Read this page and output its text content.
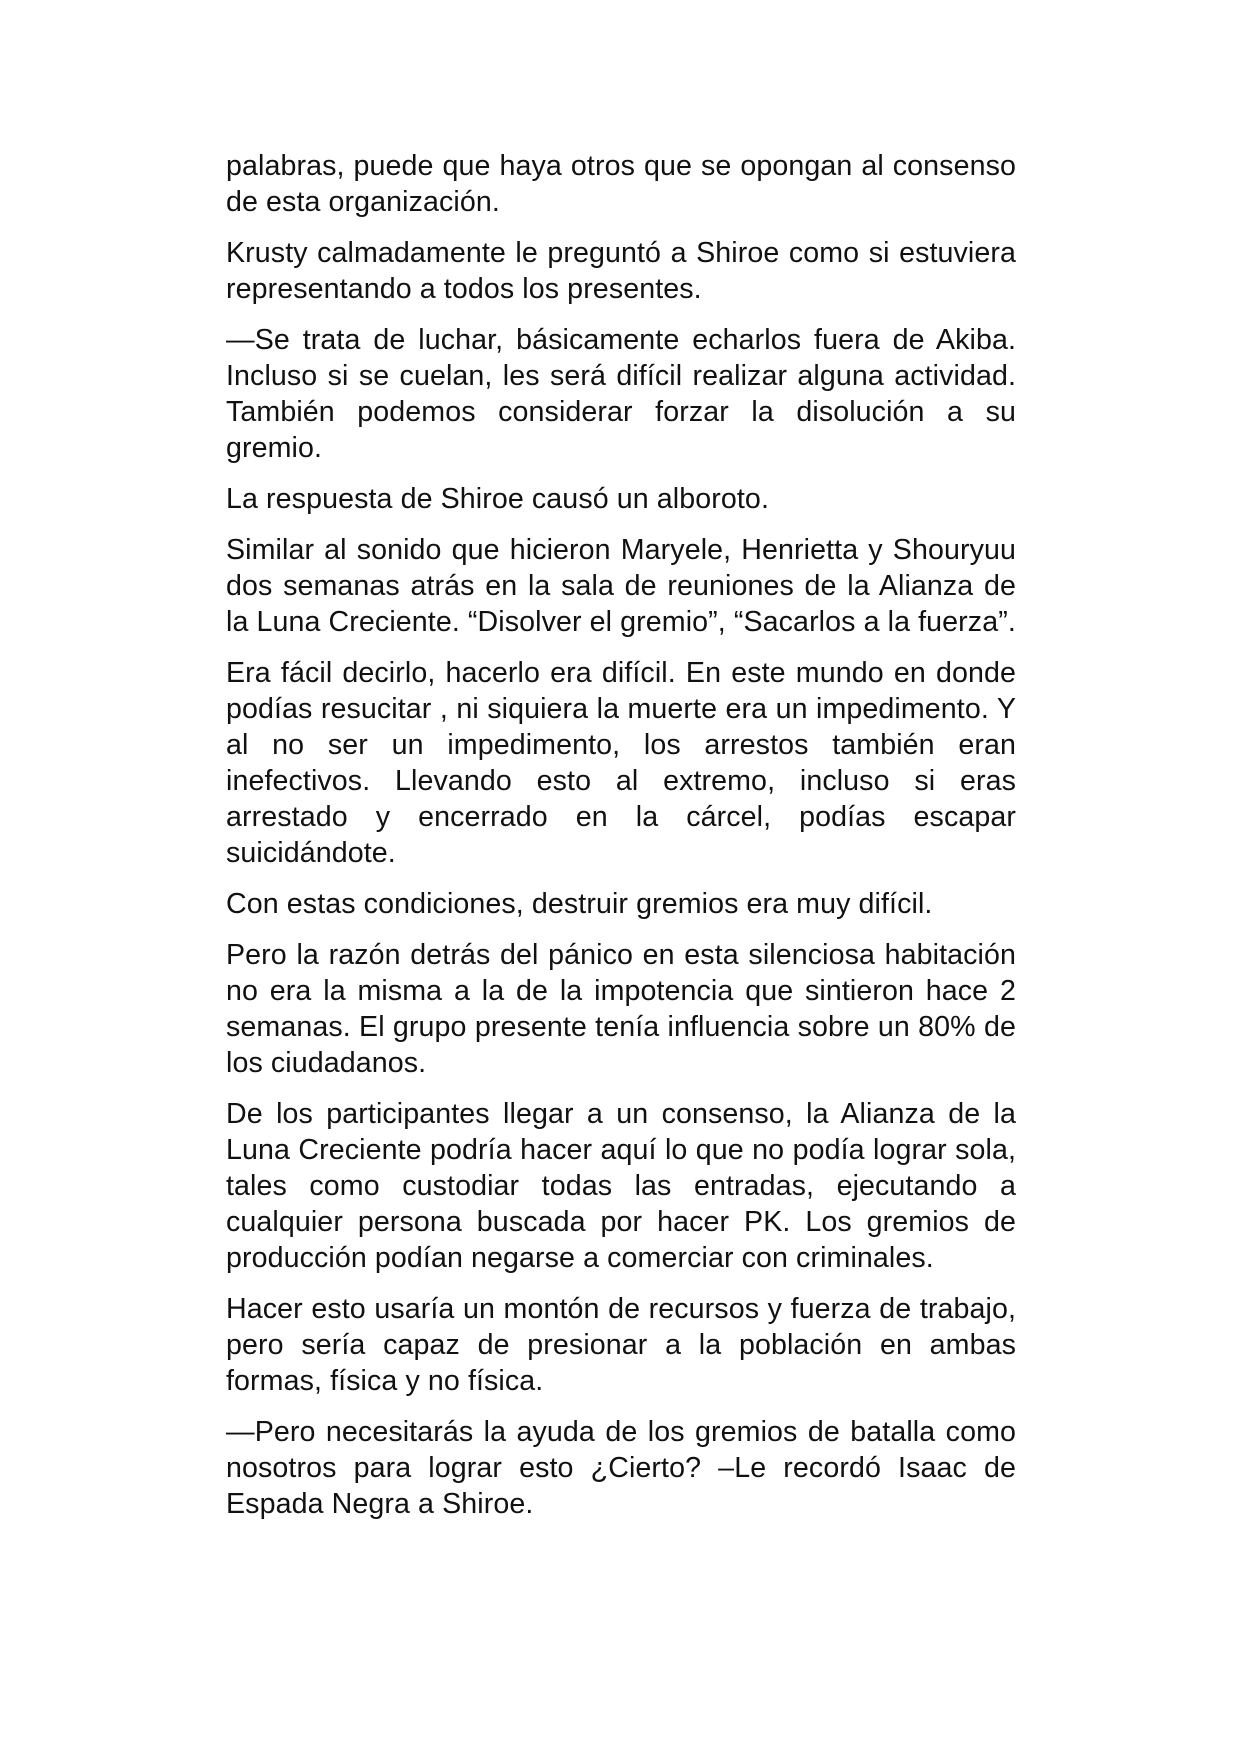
palabras, puede que haya otros que se opongan al consenso de esta organización.

Krusty calmadamente le preguntó a Shiroe como si estuviera representando a todos los presentes.

—Se trata de luchar, básicamente echarlos fuera de Akiba. Incluso si se cuelan, les será difícil realizar alguna actividad. También podemos considerar forzar la disolución a su gremio.

La respuesta de Shiroe causó un alboroto.

Similar al sonido que hicieron Maryele, Henrietta y Shouryuu dos semanas atrás en la sala de reuniones de la Alianza de la Luna Creciente. “Disolver el gremio”, “Sacarlos a la fuerza”.

Era fácil decirlo, hacerlo era difícil. En este mundo en donde podías resucitar , ni siquiera la muerte era un impedimento. Y al no ser un impedimento, los arrestos también eran inefectivos. Llevando esto al extremo, incluso si eras arrestado y encerrado en la cárcel, podías escapar suicidándote.

Con estas condiciones, destruir gremios era muy difícil.

Pero la razón detrás del pánico en esta silenciosa habitación no era la misma a la de la impotencia que sintieron hace 2 semanas. El grupo presente tenía influencia sobre un 80% de los ciudadanos.

De los participantes llegar a un consenso, la Alianza de la Luna Creciente podría hacer aquí lo que no podía lograr sola, tales como custodiar todas las entradas, ejecutando a cualquier persona buscada por hacer PK. Los gremios de producción podían negarse a comerciar con criminales.

Hacer esto usaría un montón de recursos y fuerza de trabajo, pero sería capaz de presionar a la población en ambas formas, física y no física.

—Pero necesitarás la ayuda de los gremios de batalla como nosotros para lograr esto ¿Cierto? –Le recordó Isaac de Espada Negra a Shiroe.
